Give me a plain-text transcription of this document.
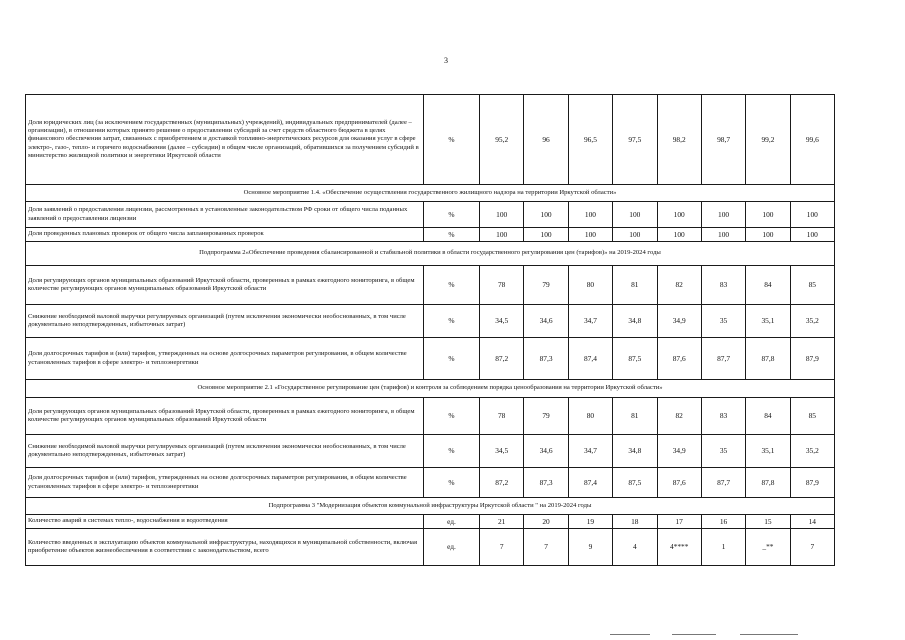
3
Доля юридических лиц (за исключением государственных (муниципальных) учреждений), индивидуальных предпринимателей (далее – организации), в отношении которых принято решение о предоставлении субсидий за счет средств областного бюджета в целях финансового обеспечения затрат, связанных с приобретением и доставкой топливно-энергетических ресурсов для оказания услуг в сфере электро-, газо-, тепло- и горячего водоснабжения (далее – субсидии) в общем числе организаций, обратившихся за получением субсидий в министерство жилищной политики и энергетики Иркутской области	%	95,2	96	96,5	97,5	98,2	98,7	99,2	99,6
Основное мероприятие 1.4. «Обеспечение осуществления государственного жилищного надзора на территории Иркутской области»									
Доля заявлений о предоставлении лицензии, рассмотренных в установленные законодательством РФ сроки от общего числа поданных заявлений о предоставлении лицензии	%	100	100	100	100	100	100	100	100
Доля проведенных плановых проверок от общего числа запланированных проверок	%	100	100	100	100	100	100	100	100
Подпрограмма 2«Обеспечение проведения сбалансированной и стабильной политики в области государственного регулирования цен (тарифов)» на 2019-2024 годы									
Доля регулирующих органов муниципальных образований Иркутской области, проверенных в рамках ежегодного мониторинга, в общем количестве регулирующих органов муниципальных образований Иркутской области	%	78	79	80	81	82	83	84	85
Снижение необходимой валовой выручки регулируемых организаций (путем исключения экономически необоснованных, в том числе документально неподтвержденных, избыточных затрат)	%	34,5	34,6	34,7	34,8	34,9	35	35,1	35,2
Доля долгосрочных тарифов и (или) тарифов, утвержденных на основе долгосрочных параметров регулирования, в общем количестве установленных тарифов в сфере электро- и теплоэнергетики	%	87,2	87,3	87,4	87,5	87,6	87,7	87,8	87,9
Основное мероприятие 2.1 «Государственное регулирование цен (тарифов) и контроля за соблюдением порядка ценообразования на территории Иркутской области»									
Доля регулирующих органов муниципальных образований Иркутской области, проверенных в рамках ежегодного мониторинга, в общем количестве регулирующих органов муниципальных образований Иркутской области	%	78	79	80	81	82	83	84	85
Снижение необходимой валовой выручки регулируемых организаций (путем исключения экономически необоснованных, в том числе документально неподтвержденных, избыточных затрат)	%	34,5	34,6	34,7	34,8	34,9	35	35,1	35,2
Доля долгосрочных тарифов и (или) тарифов, утвержденных на основе долгосрочных параметров регулирования, в общем количестве установленных тарифов в сфере электро- и теплоэнергетики	%	87,2	87,3	87,4	87,5	87,6	87,7	87,8	87,9
Подпрограмма 3 "Модернизация объектов коммунальной инфраструктуры Иркутской области " на 2019-2024 годы									
Количество аварий в системах тепло-, водоснабжения и водоотведения	ед.	21	20	19	18	17	16	15	14
Количество введенных в эксплуатацию объектов коммунальной инфраструктуры, находящихся в муниципальной собственности, включая приобретение объектов жизнеобеспечения в соответствии с законодательством, всего	ед.	7	7	9	4	4****	1	_**	7
